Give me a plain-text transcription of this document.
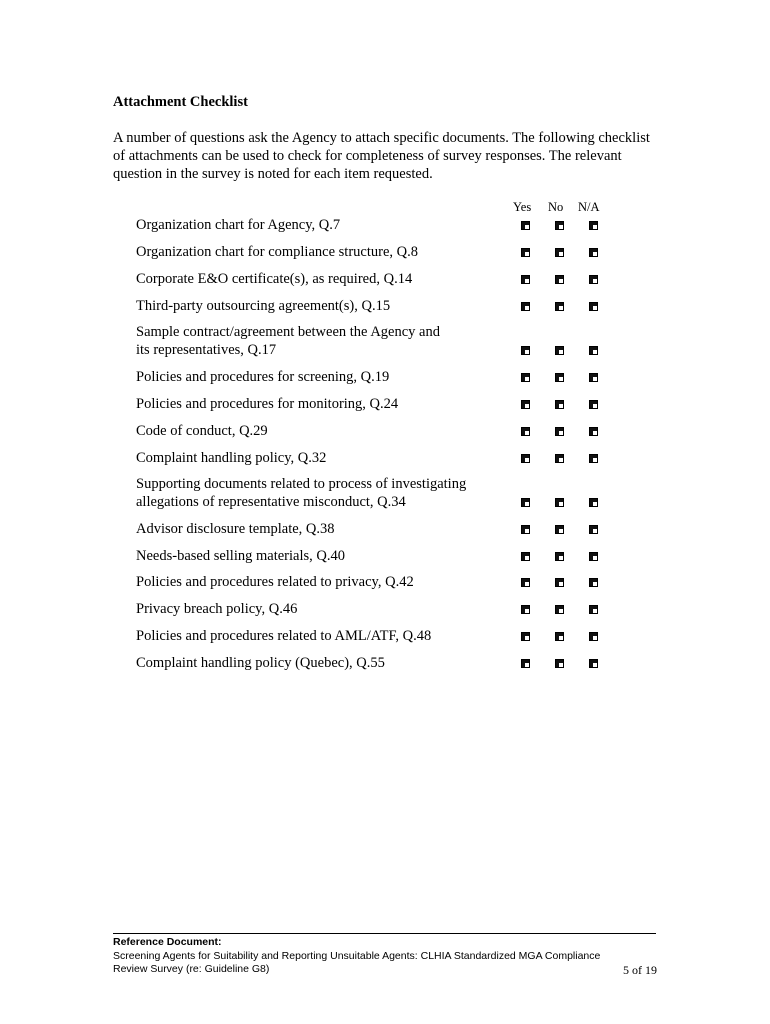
Attachment Checklist
A number of questions ask the Agency to attach specific documents. The following checklist of attachments can be used to check for completeness of survey responses. The relevant question in the survey is noted for each item requested.
Yes No N/A
Organization chart for Agency, Q.7
Organization chart for compliance structure, Q.8
Corporate E&O certificate(s), as required, Q.14
Third-party outsourcing agreement(s), Q.15
Sample contract/agreement between the Agency and
its representatives, Q.17
Policies and procedures for screening, Q.19
Policies and procedures for monitoring, Q.24
Code of conduct, Q.29
Complaint handling policy, Q.32
Supporting documents related to process of investigating
allegations of representative misconduct, Q.34
Advisor disclosure template, Q.38
Needs-based selling materials, Q.40
Policies and procedures related to privacy, Q.42
Privacy breach policy, Q.46
Policies and procedures related to AML/ATF, Q.48
Complaint handling policy (Quebec), Q.55
Reference Document:
Screening Agents for Suitability and Reporting Unsuitable Agents: CLHIA Standardized MGA Compliance
Review Survey (re: Guideline G8)	5 of 19
